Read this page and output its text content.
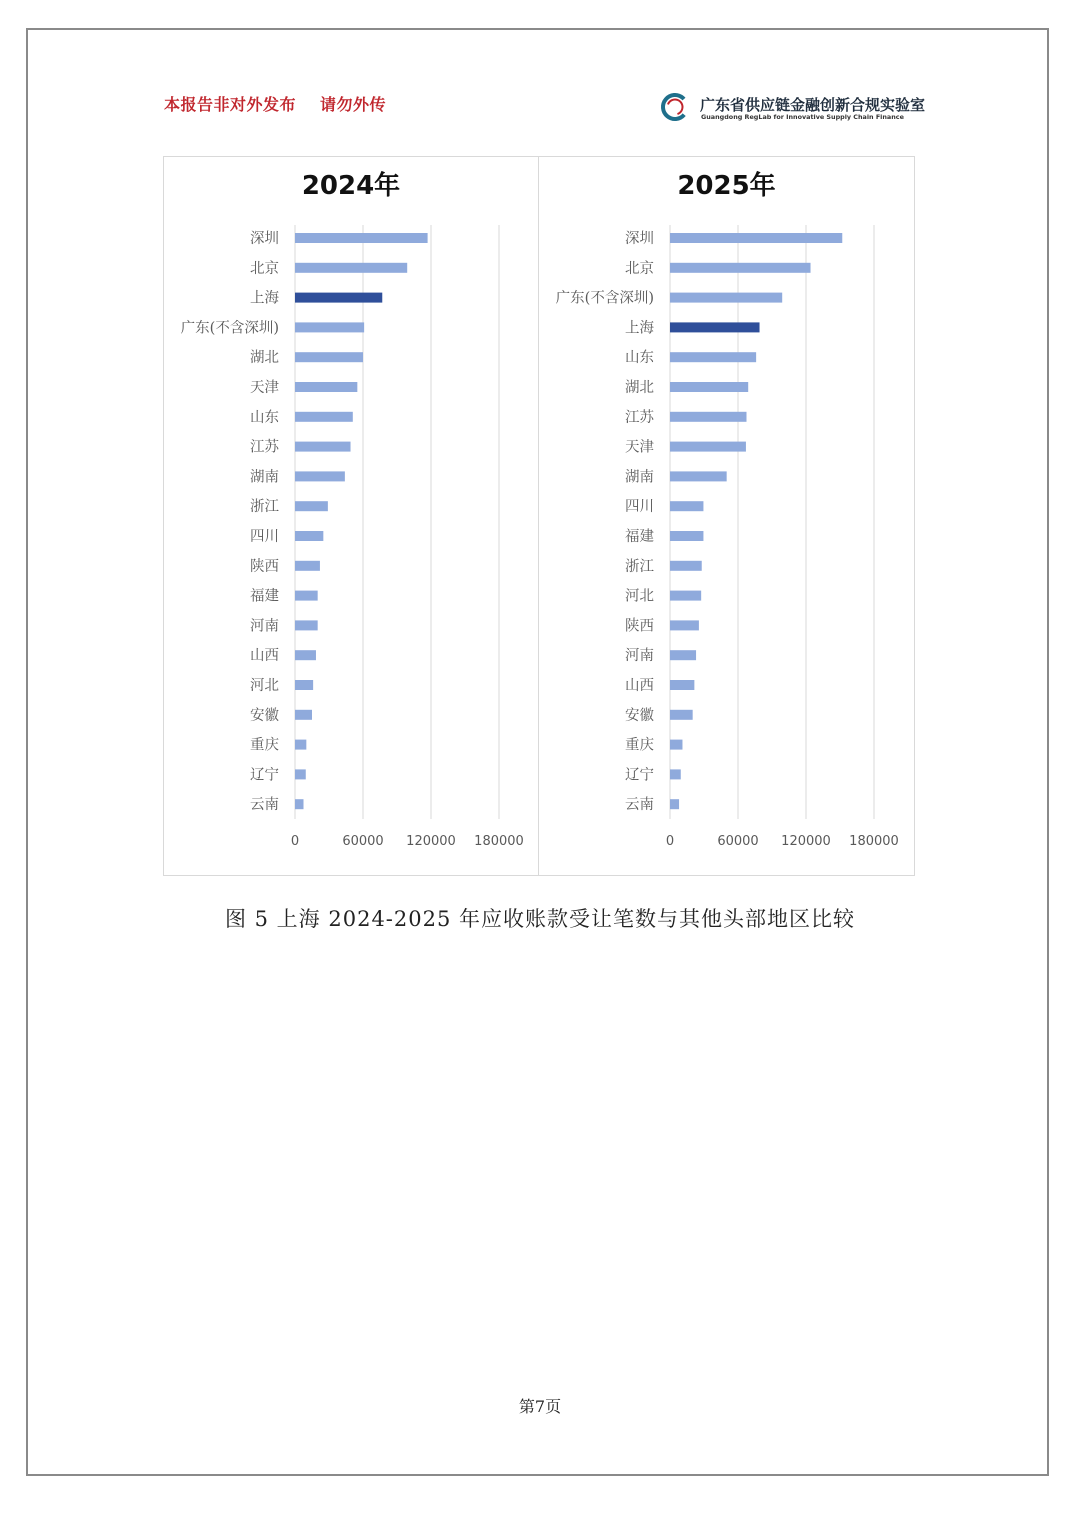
本报告非对外发布 请勿外传	广东省供应链金融创新合规实验室
Guangdong RegLab for Innovative Supply Chain Finance
2024年
0	60000 120000 180000
深圳
北京
上海
广东(不含深圳)
湖北
天津
山东
江苏
湖南
浙江
四川
陕西
福建
河南
山西
河北
安徽
重庆
辽宁
云南
2025年
0	60000 120000 180000
深圳
北京
广东(不含深圳)
上海
山东
湖北
江苏
天津
湖南
四川
福建
浙江
河北
陕西
河南
山西
安徽
重庆
辽宁
云南
图 5 上海 2024-2025 年应收账款受让笔数与其他头部地区比较
第7页
